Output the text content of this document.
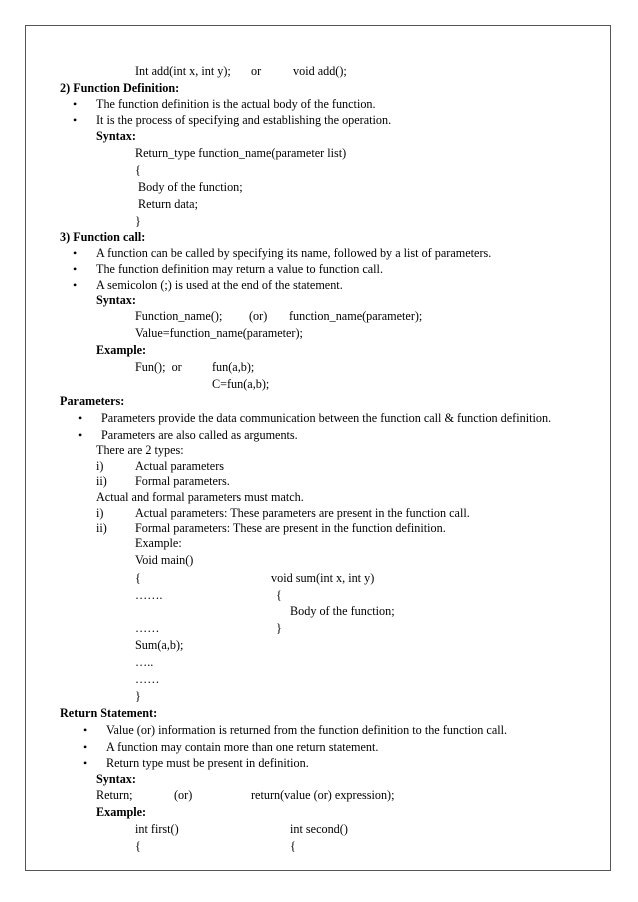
Int add(int x, int y); or	void add();
2) Function Definition:
• The function definition is the actual body of the function.
• It is the process of specifying and establishing the operation.
Syntax:
Return_type function_name(parameter list)
{
Body of the function;
Return data;
}
3) Function call:
• A function can be called by specifying its name, followed by a list of parameters.
• The function definition may return a value to function call.
• A semicolon (;) is used at the end of the statement.
Syntax:
Function_name(); (or) function_name(parameter);
Value=function_name(parameter);
Example:
Fun();  or fun(a,b);
C=fun(a,b);
Parameters:
• Parameters provide the data communication between the function call & function definition.
• Parameters are also called as arguments.
There are 2 types:
i)	Actual parameters
ii) Formal parameters.
Actual and formal parameters must match.
i)	Actual parameters: These parameters are present in the function call.
ii) Formal parameters: These are present in the function definition.
Example:
Void main()
{
…….
……
Sum(a,b);
…..
……
}
void sum(int x, int y)
{
Body of the function;
}
Return Statement:
• Value (or) information is returned from the function definition to the function call.
• A function may contain more than one return statement.
• Return type must be present in definition.
Syntax:
Return;	(or)	return(value (or) expression);
Example:
int first()
{
int second()
{
